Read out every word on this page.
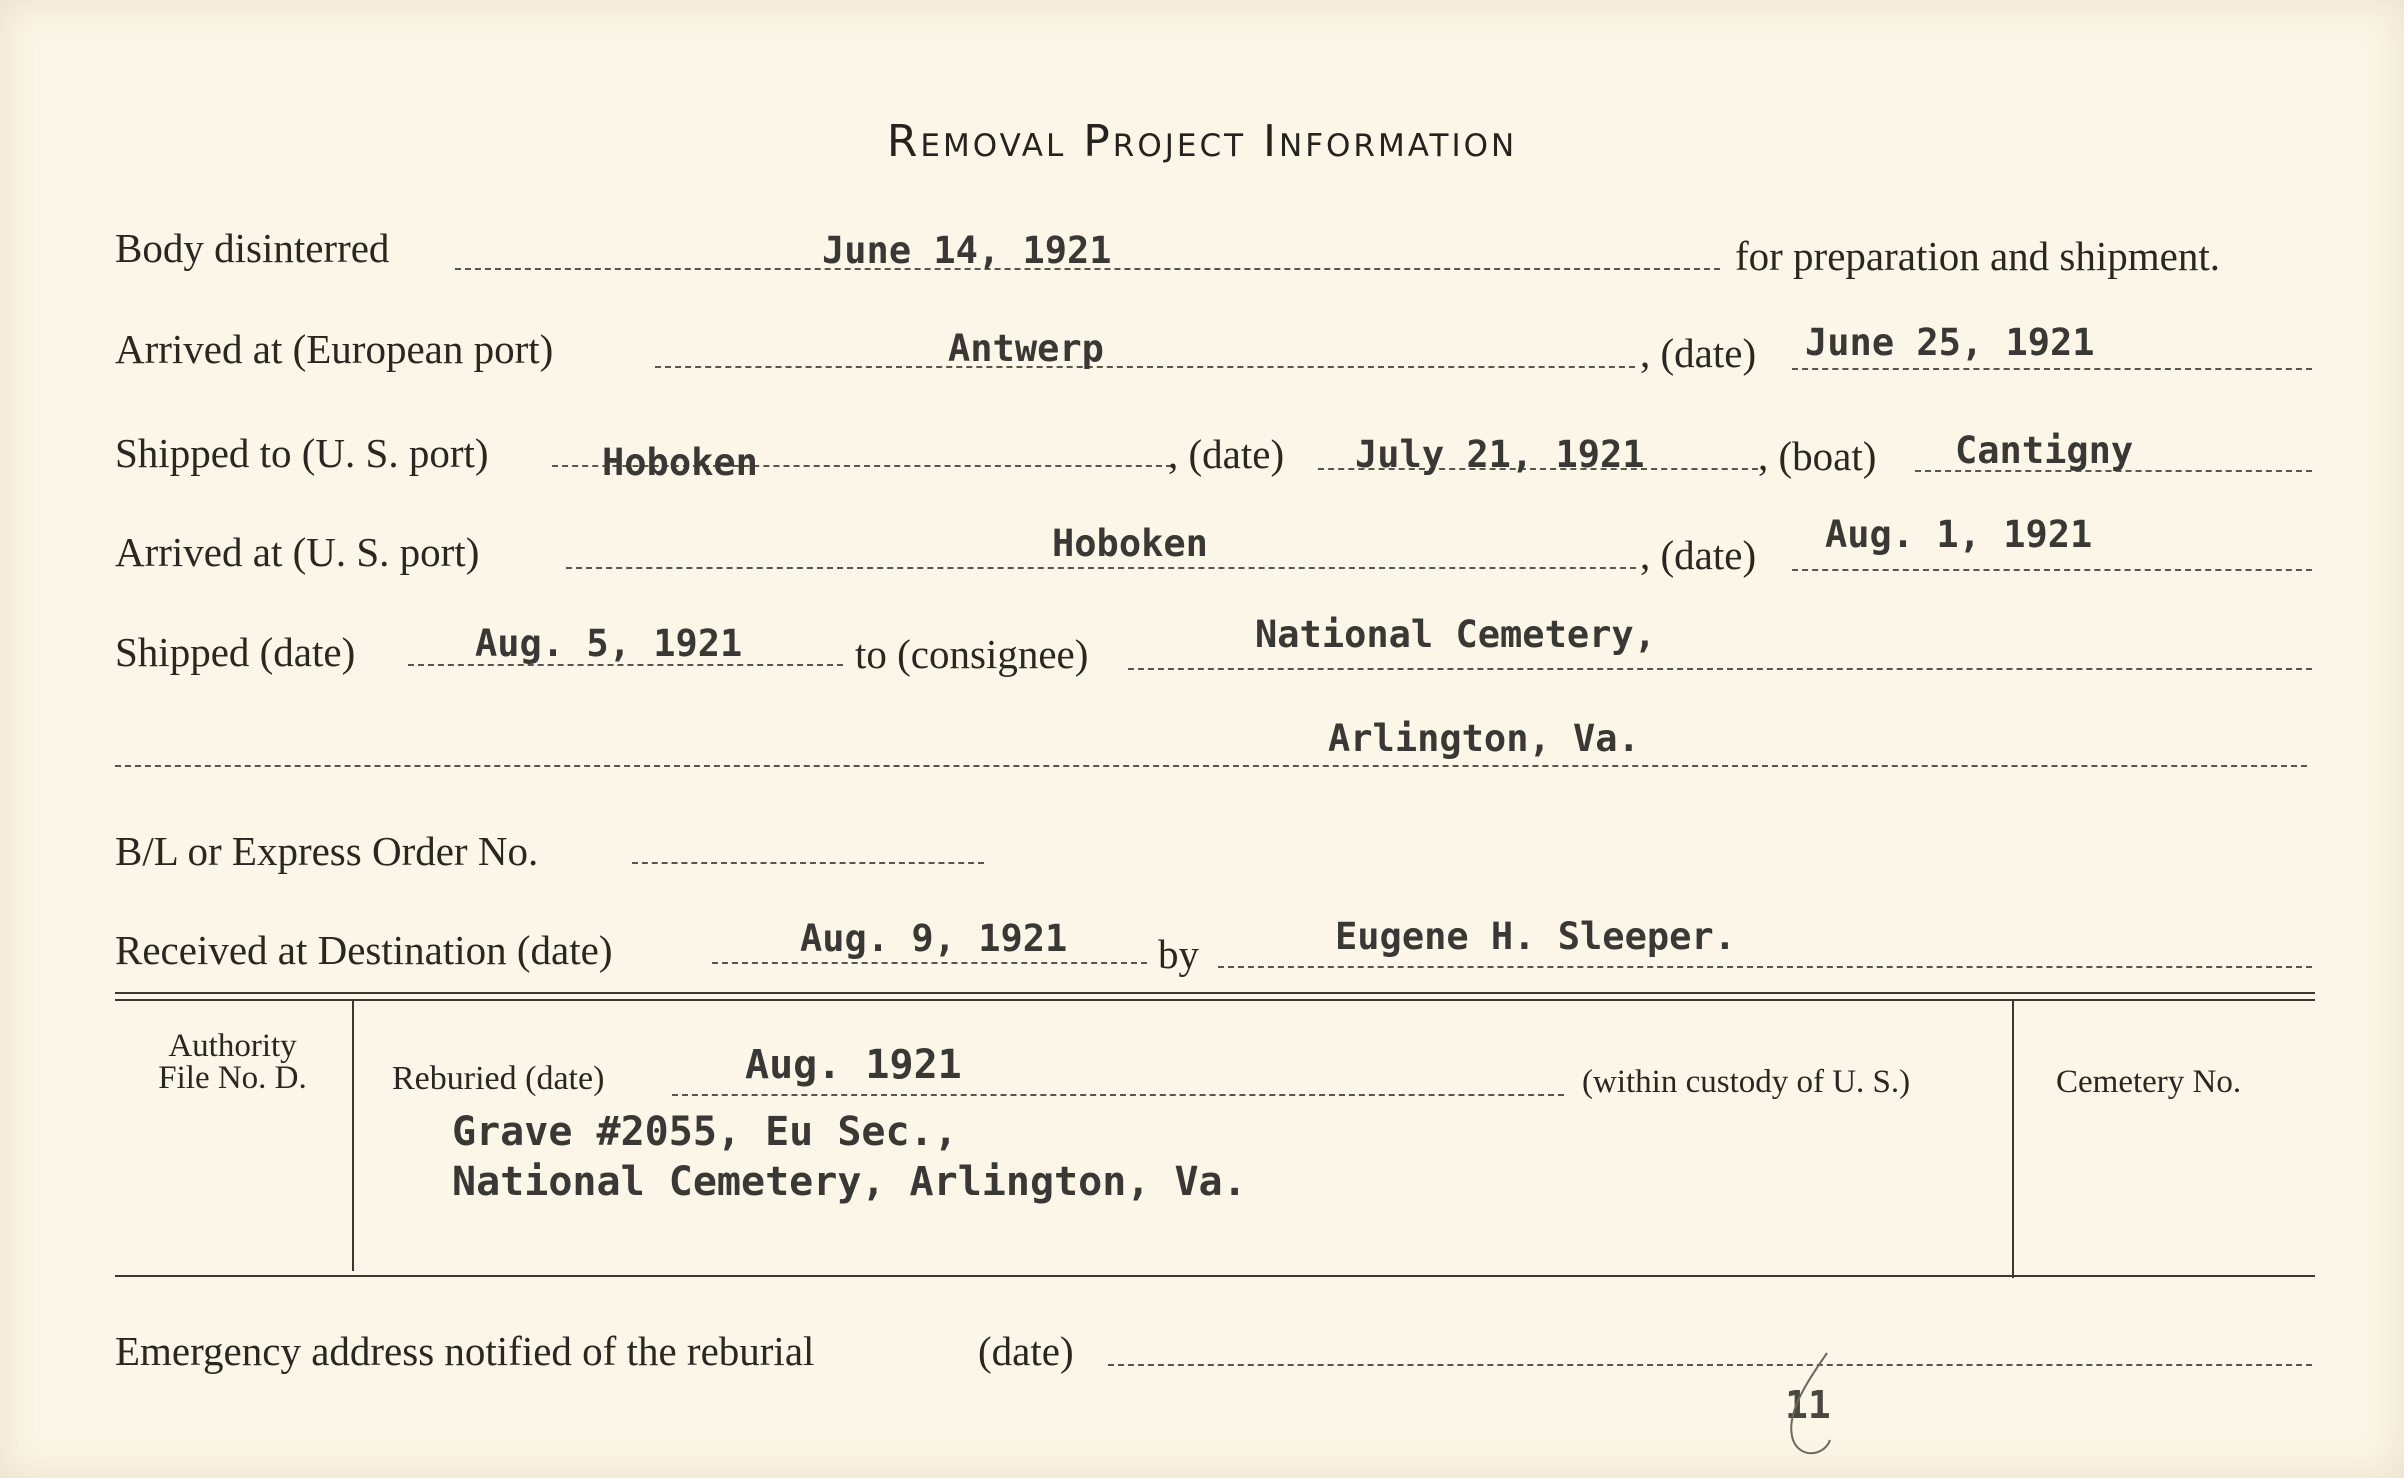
Removal Project Information
Body disinterred	June 14, 1921	for preparation and shipment.
Arrived at (European port)	Antwerp	, (date) June 25, 1921
Shipped to (U. S. port)	Hoboken	, (date) July 21, 1921	, (boat) Cantigny
Arrived at (U. S. port)	Hoboken	, (date) Aug. 1, 1921
Shipped (date)	Aug. 5, 1921	to (consignee)	National Cemetery,
Arlington, Va.
B/L or Express Order No.
Received at Destination (date)	Aug. 9, 1921 by	Eugene H. Sleeper.
Authority
File No. D.	Reburied (date)	Aug. 1921	(within custody of U. S.)
Grave #2055, Eu Sec.,
National Cemetery, Arlington, Va.
Cemetery No.
Emergency address notified of the reburial	(date)
11
